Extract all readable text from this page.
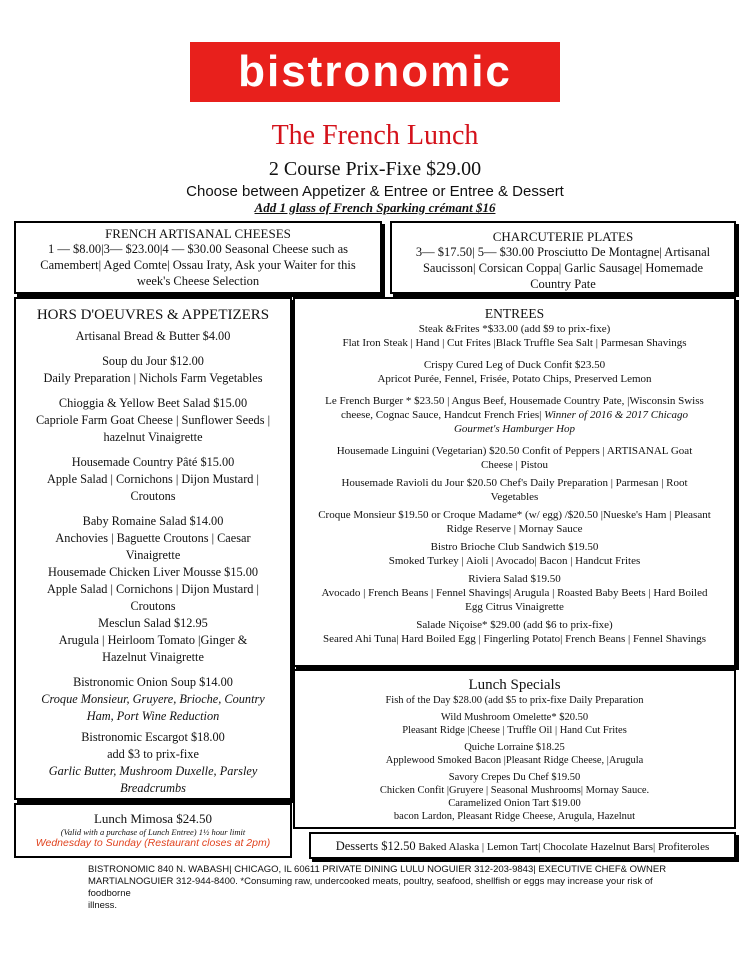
bistronomic
The French Lunch
2 Course Prix-Fixe $29.00
Choose between Appetizer & Entree or Entree & Dessert
Add 1 glass of French Sparking crémant $16
FRENCH ARTISANAL CHEESES
1 — $8.00|3— $23.00|4 — $30.00 Seasonal Cheese such as
Camembert| Aged Comte| Ossau Iraty, Ask your Waiter for this
week's Cheese Selection
CHARCUTERIE PLATES
3— $17.50| 5— $30.00 Prosciutto De Montagne| Artisanal
Saucisson| Corsican Coppa| Garlic Sausage| Homemade
Country Pate
HORS D'OEUVRES & APPETIZERS
Artisanal Bread & Butter $4.00
Soup du Jour $12.00
Daily Preparation | Nichols Farm Vegetables
Chioggia & Yellow Beet Salad $15.00
Capriole Farm Goat Cheese | Sunflower Seeds |
hazelnut Vinaigrette
Housemade Country Pâté $15.00
Apple Salad | Cornichons | Dijon Mustard |
Croutons
Baby Romaine Salad $14.00
Anchovies | Baguette Croutons | Caesar
Vinaigrette
Housemade Chicken Liver Mousse $15.00
Apple Salad | Cornichons | Dijon Mustard |
Croutons
Mesclun Salad $12.95
Arugula | Heirloom Tomato |Ginger &
Hazelnut Vinaigrette
Bistronomic Onion Soup $14.00
Croque Monsieur, Gruyere, Brioche, Country
Ham, Port Wine Reduction
Bistronomic Escargot $18.00
add $3 to prix-fixe
Garlic Butter, Mushroom Duxelle, Parsley
Breadcrumbs
Lunch Mimosa $24.50
(Valid with a purchase of Lunch Entree) 1½ hour limit
Wednesday to Sunday (Restaurant closes at 2pm)
ENTREES
Steak &Frites *$33.00 (add $9 to prix-fixe)
Flat Iron Steak | Hand | Cut Frites |Black Truffle Sea Salt | Parmesan Shavings
Crispy Cured Leg of Duck Confit $23.50
Apricot Purée, Fennel, Frisée, Potato Chips, Preserved Lemon
Le French Burger * $23.50 | Angus Beef, Housemade Country Pate, |Wisconsin Swiss
cheese, Cognac Sauce, Handcut French Fries| Winner of 2016 & 2017 Chicago
Gourmet's Hamburger Hop
Housemade Linguini (Vegetarian) $20.50 Confit of Peppers | ARTISANAL Goat
Cheese | Pistou
Housemade Ravioli du Jour $20.50 Chef's Daily Preparation | Parmesan | Root
Vegetables
Croque Monsieur $19.50 or Croque Madame* (w/ egg) /$20.50 |Nueske's Ham | Pleasant
Ridge Reserve | Mornay Sauce
Bistro Brioche Club Sandwich $19.50
Smoked Turkey | Aioli | Avocado| Bacon | Handcut Frites
Riviera Salad $19.50
Avocado | French Beans | Fennel Shavings| Arugula | Roasted Baby Beets | Hard Boiled
Egg Citrus Vinaigrette
Salade Niçoise* $29.00 (add $6 to prix-fixe)
Seared Ahi Tuna| Hard Boiled Egg | Fingerling Potato| French Beans | Fennel Shavings
Lunch Specials
Fish of the Day $28.00 (add $5 to prix-fixe Daily Preparation
Wild Mushroom Omelette* $20.50
Pleasant Ridge |Cheese | Truffle Oil | Hand Cut Frites
Quiche Lorraine $18.25
Applewood Smoked Bacon |Pleasant Ridge Cheese, |Arugula
Savory Crepes Du Chef $19.50
Chicken Confit |Gruyere | Seasonal Mushrooms| Mornay Sauce.
Caramelized Onion Tart $19.00
bacon Lardon, Pleasant Ridge Cheese, Arugula, Hazelnut
Desserts $12.50 Baked Alaska | Lemon Tart| Chocolate Hazelnut Bars| Profiteroles
BISTRONOMIC 840 N. WABASH| CHICAGO, IL 60611 PRIVATE DINING LULU NOGUIER 312-203-9843| EXECUTIVE CHEF& OWNER
MARTIALNOGUIER 312-944-8400. *Consuming raw, undercooked meats, poultry, seafood, shellfish or eggs may increase your risk of foodborne
illness.
